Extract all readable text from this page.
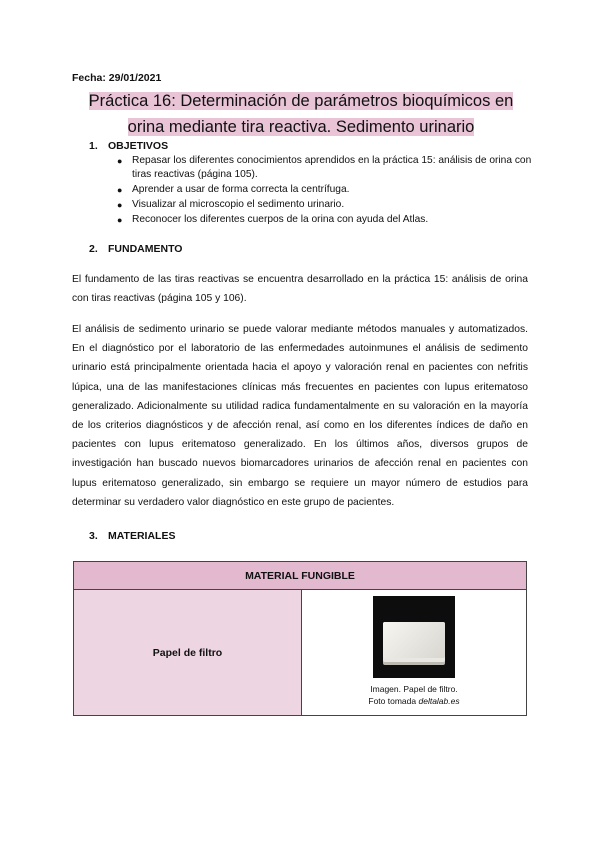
Fecha: 29/01/2021
Práctica 16: Determinación de parámetros bioquímicos en
orina mediante tira reactiva. Sedimento urinario
1. OBJETIVOS
● Repasar los diferentes conocimientos aprendidos en la práctica 15: análisis de orina con tiras reactivas (página 105).
● Aprender a usar de forma correcta la centrífuga.
● Visualizar al microscopio el sedimento urinario.
● Reconocer los diferentes cuerpos de la orina con ayuda del Atlas.
2. FUNDAMENTO
El fundamento de las tiras reactivas se encuentra desarrollado en la práctica 15: análisis de orina con tiras reactivas (página 105 y 106).
El análisis de sedimento urinario se puede valorar mediante métodos manuales y automatizados. En el diagnóstico por el laboratorio de las enfermedades autoinmunes el análisis de sedimento urinario está principalmente orientada hacia el apoyo y valoración renal en pacientes con nefritis lúpica, una de las manifestaciones clínicas más frecuentes en pacientes con lupus eritematoso generalizado. Adicionalmente su utilidad radica fundamentalmente en su valoración en la mayoría de los criterios diagnósticos y de afección renal, así como en los diferentes índices de daño en pacientes con lupus eritematoso generalizado. En los últimos años, diversos grupos de investigación han buscado nuevos biomarcadores urinarios de afección renal en pacientes con lupus eritematoso generalizado, sin embargo se requiere un mayor número de estudios para determinar su verdadero valor diagnóstico en este grupo de pacientes.
3. MATERIALES
MATERIAL FUNGIBLE
Papel de filtro	
Imagen. Papel de filtro.
Foto tomada deltalab.es
